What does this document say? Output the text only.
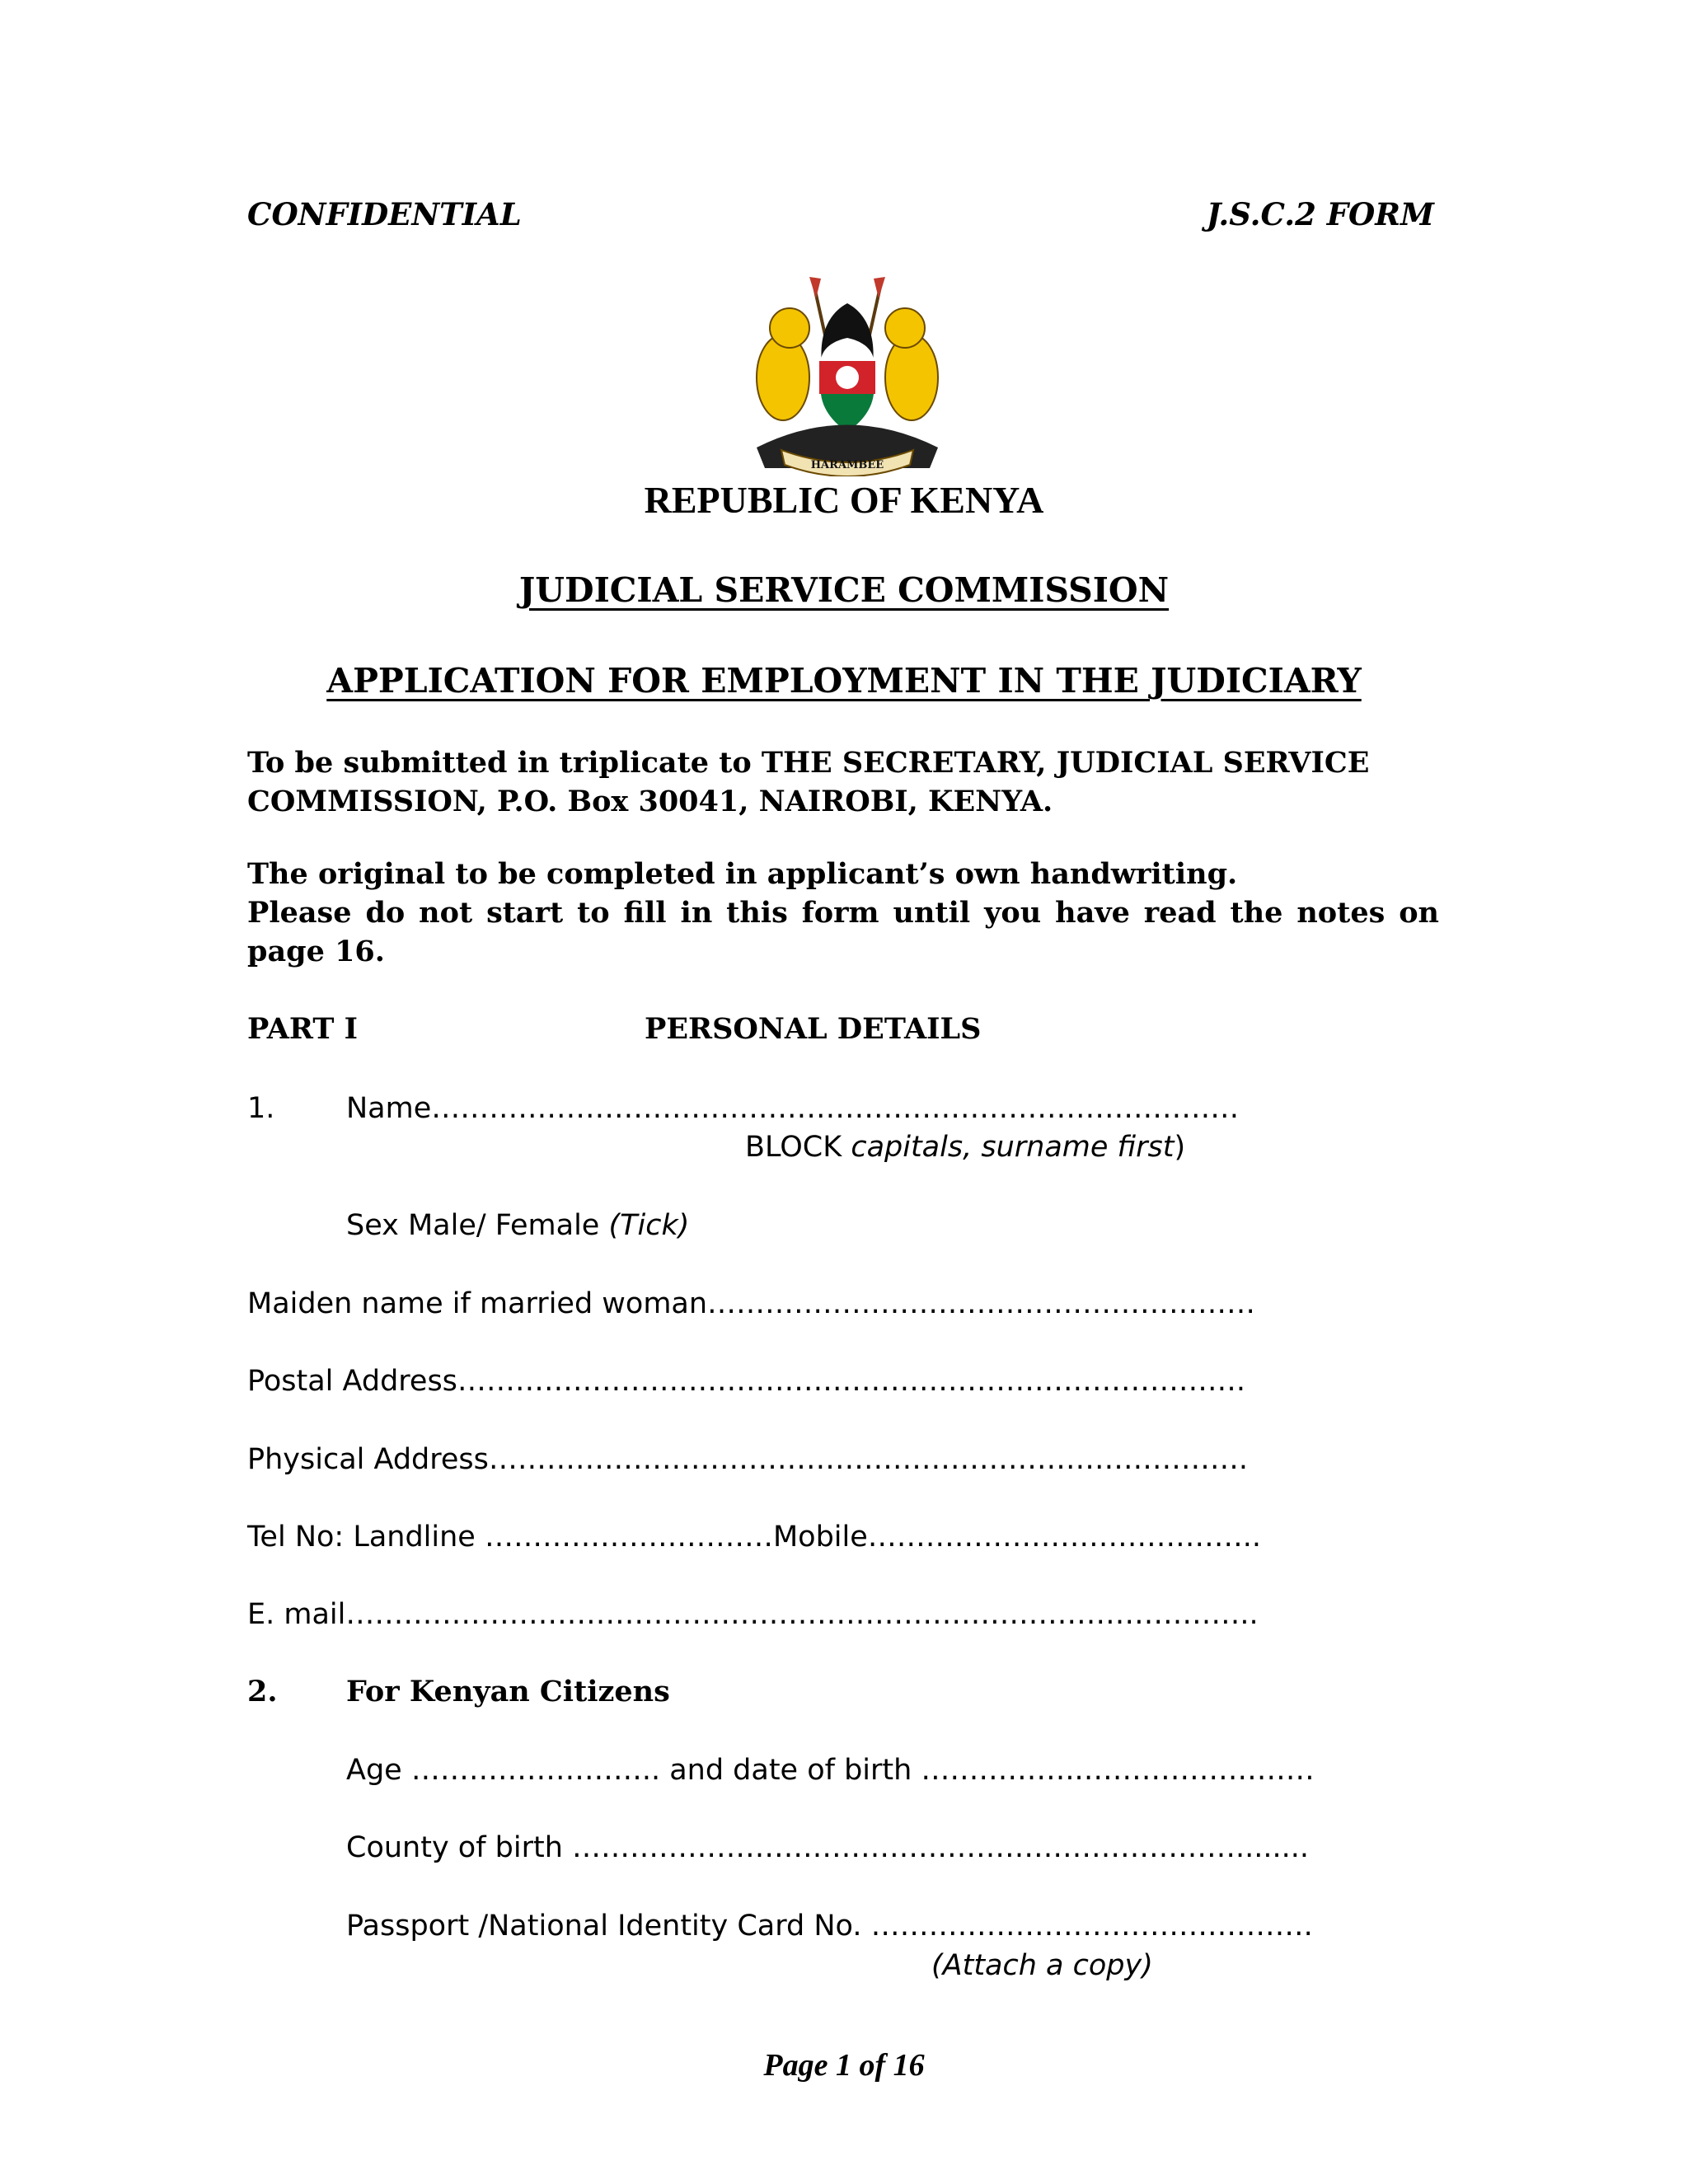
CONFIDENTIAL	J.S.C.2 FORM
HARAMBEE
REPUBLIC OF KENYA
JUDICIAL SERVICE COMMISSION
APPLICATION FOR EMPLOYMENT IN THE JUDICIARY
To be submitted in triplicate to THE SECRETARY, JUDICIAL SERVICE
COMMISSION, P.O. Box 30041, NAIROBI, KENYA.
The original to be completed in applicant’s own handwriting.
Please do not start to fill in this form until you have read the notes on
page 16.
PART I	PERSONAL DETAILS
1. Name…………………………………………………………………………
BLOCK capitals, surname first)
Sex Male/ Female (Tick)
Maiden name if married woman…………………………………………………
Postal Address……………………………………………………………………….
Physical Address…………………………………………………………………….
Tel No: Landline …………………………Mobile…………………………………..
E. mail…………………………………………………………………………………..
2. For Kenyan Citizens
Age …………………….. and date of birth ……………..……………………
County of birth ……………………………………………………………........
Passport /National Identity Card No. ……………………………………….
(Attach a copy)
Page 1 of 16
